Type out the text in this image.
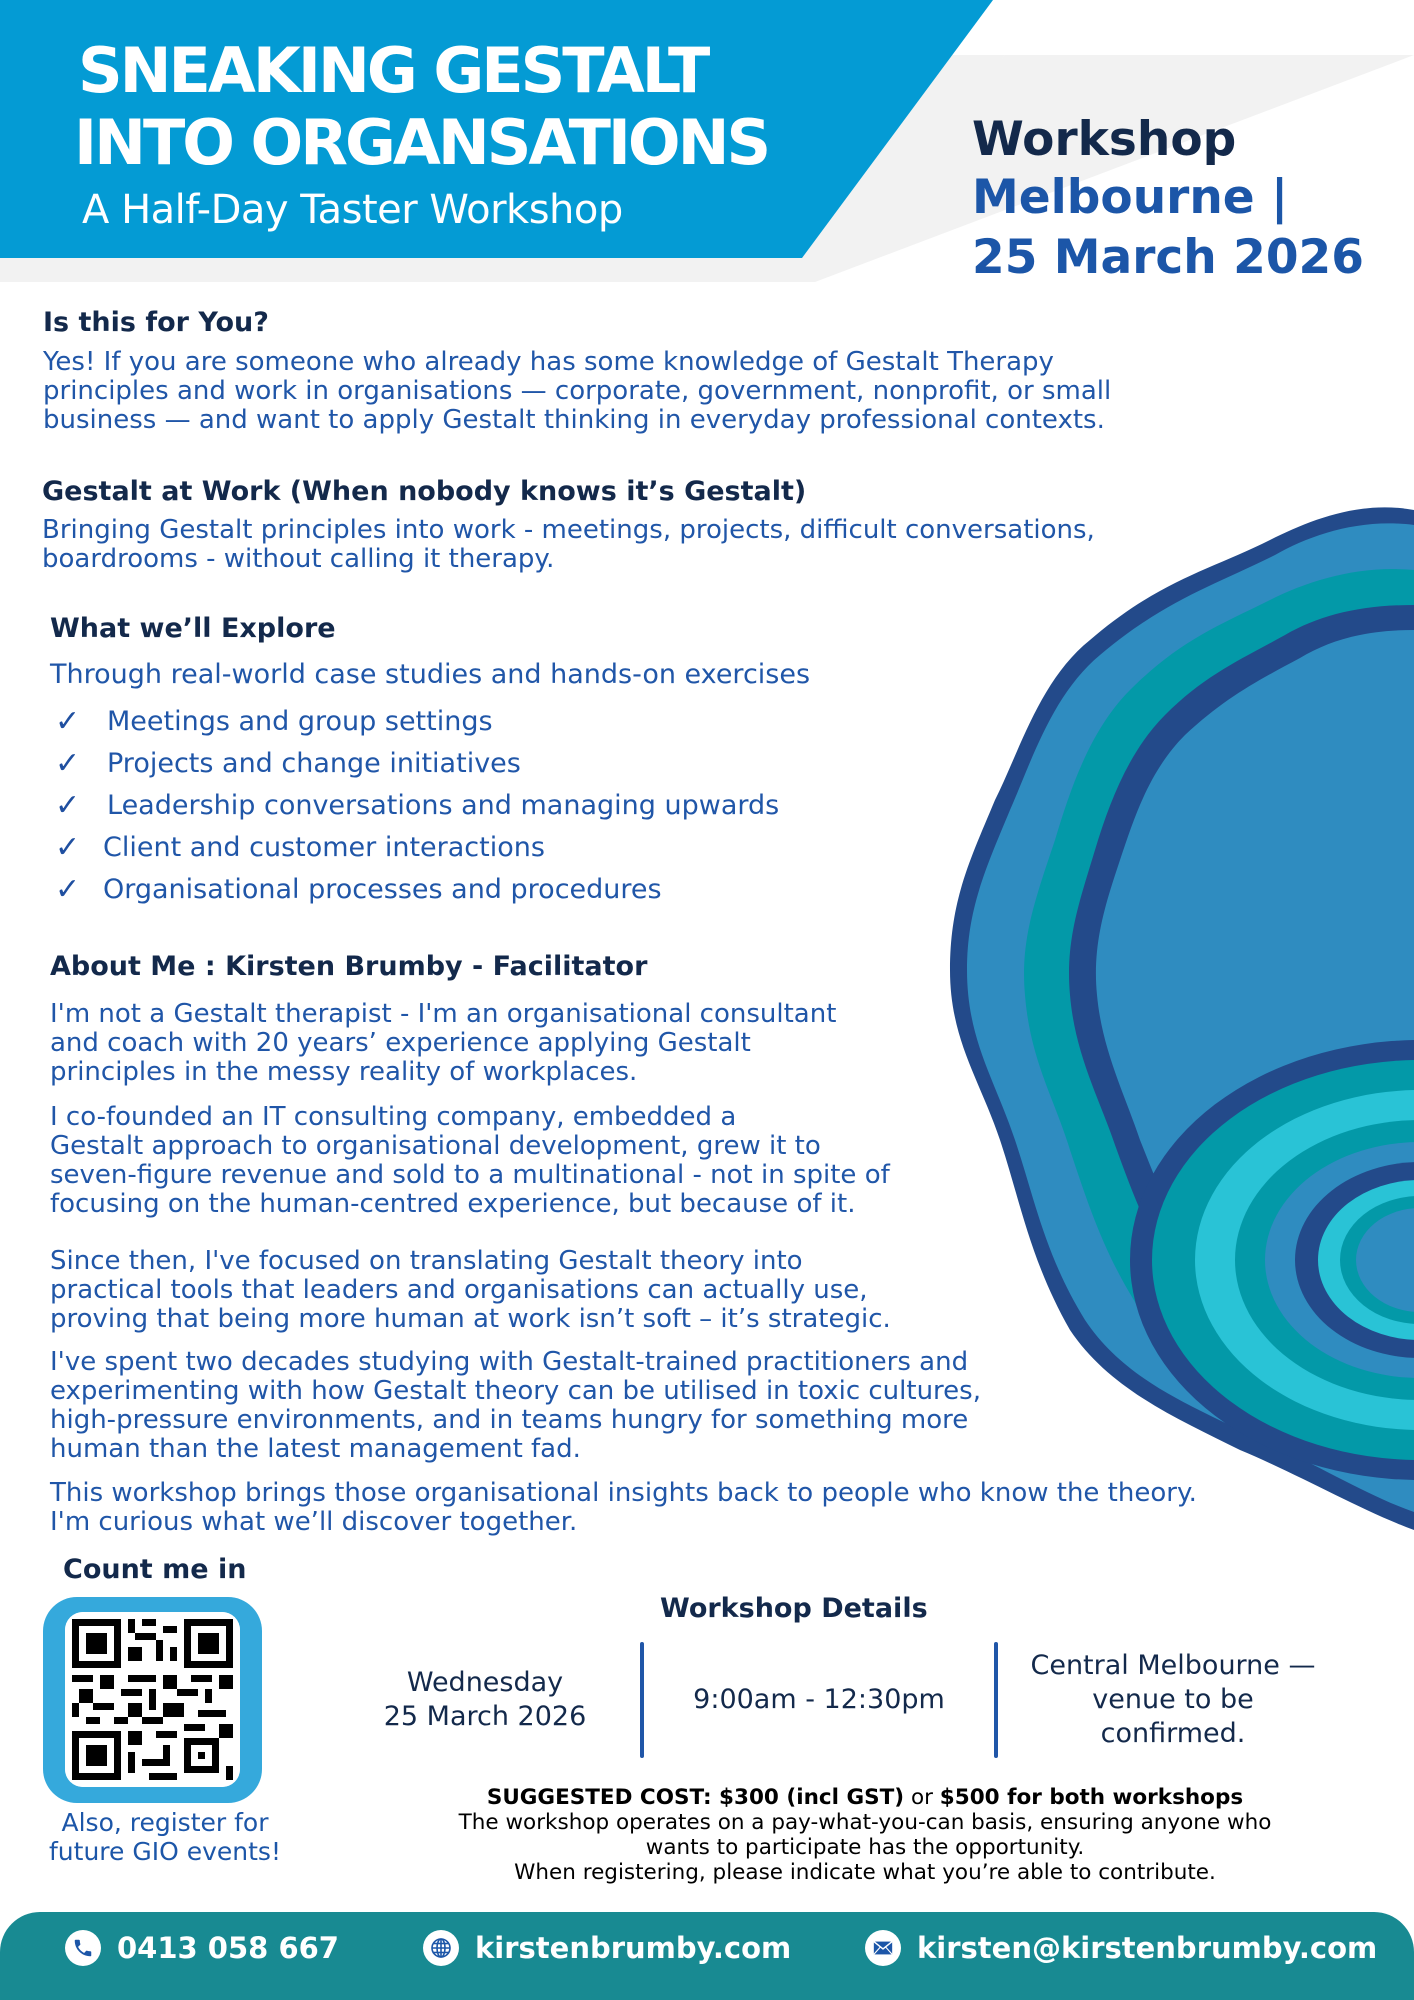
SNEAKING GESTALT
INTO ORGANSATIONS
A Half-Day Taster Workshop
Workshop
Melbourne |
25 March 2026
Is this for You?

Yes! If you are someone who already has some knowledge of Gestalt Therapy

principles and work in organisations — corporate, government, nonprofit, or small

business — and want to apply Gestalt thinking in everyday professional contexts.

Gestalt at Work (When nobody knows it’s Gestalt)

Bringing Gestalt principles into work - meetings, projects, difficult conversations,

boardrooms - without calling it therapy.

What we’ll Explore
Through real-world case studies and hands-on exercises
✓ Meetings and group settings
✓ Projects and change initiatives
✓ Leadership conversations and managing upwards
✓ Client and customer interactions
✓ Organisational processes and procedures
About Me : Kirsten Brumby - Facilitator

I'm not a Gestalt therapist - I'm an organisational consultant

and coach with 20 years’ experience applying Gestalt

principles in the messy reality of workplaces.

I co-founded an IT consulting company, embedded a

Gestalt approach to organisational development, grew it to

seven-figure revenue and sold to a multinational - not in spite of

focusing on the human-centred experience, but because of it.

Since then, I've focused on translating Gestalt theory into

practical tools that leaders and organisations can actually use,

proving that being more human at work isn’t soft – it’s strategic.

I've spent two decades studying with Gestalt-trained practitioners and

experimenting with how Gestalt theory can be utilised in toxic cultures,

high-pressure environments, and in teams hungry for something more

human than the latest management fad.

This workshop brings those organisational insights back to people who know the theory.

I'm curious what we’ll discover together.

Count me in
Also, register for
future GIO events!
Workshop Details
Wednesday
25 March 2026
9:00am - 12:30pm
Central Melbourne —
venue to be
confirmed.
SUGGESTED COST: $300 (incl GST) or $500 for both workshops
The workshop operates on a pay-what-you-can basis, ensuring anyone who
wants to participate has the opportunity.
When registering, please indicate what you’re able to contribute.
0413 058 667	kirstenbrumby.com	kirsten@kirstenbrumby.com
